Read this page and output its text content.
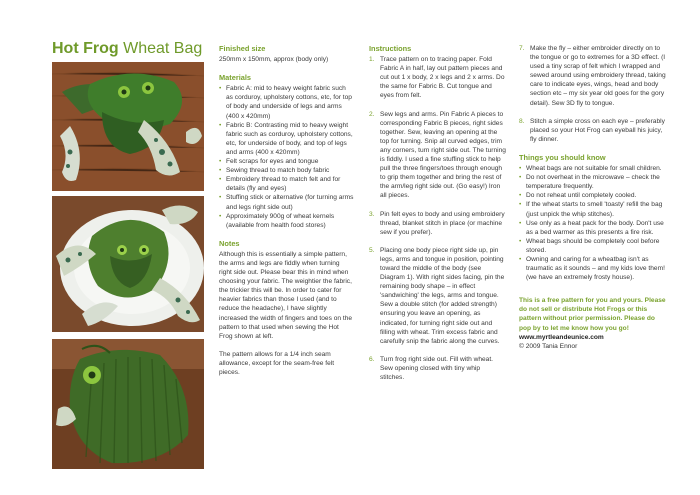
Hot Frog Wheat Bag Finished size

250mm x 150mm, approx (body only)

Materials
• Fabric A: mid to heavy weight fabric such as corduroy, upholstery cottons, etc, for top of body and underside of legs and arms (400 x 420mm)
• Fabric B: Contrasting mid to heavy weight fabric such as corduroy, upholstery cottons, etc, for underside of body, and top of legs and arms (400 x 420mm)
• Felt scraps for eyes and tongue
• Sewing thread to match body fabric
• Embroidery thread to match felt and for details (fly and eyes)
• Stuffing stick or alternative (for turning arms and legs right side out)
• Approximately 900g of wheat kernels (available from health food stores)
Notes

Although this is essentially a simple pattern, the arms and legs are fiddly when turning right side out. Please bear this in mind when choosing your fabric. The weightier the fabric, the trickier this will be. In order to cater for heavier fabrics than those I used (and to reduce the headache), I have slightly increased the width of fingers and toes on the pattern to that used when sewing the Hot Frog shown at left.

The pattern allows for a 1/4 inch seam allowance, except for the seam-free felt pieces.

Instructions
1. Trace pattern on to tracing paper. Fold Fabric A in half, lay out pattern pieces and cut out 1 x body, 2 x legs and 2 x arms. Do the same for Fabric B. Cut tongue and eyes from felt.
2. Sew legs and arms. Pin Fabric A pieces to corresponding Fabric B pieces, right sides together. Sew, leaving an opening at the top for turning. Snip all curved edges, trim any corners, turn right side out. The turning is fiddly. I used a fine stuffing stick to help pull the three fingers/toes through enough to grip them together and bring the rest of the arm/leg right side out. (Go easy!) Iron all pieces.
3. Pin felt eyes to body and using embroidery thread, blanket stitch in place (or machine sew if you prefer).
5. Placing one body piece right side up, pin legs, arms and tongue in position, pointing toward the middle of the body (see Diagram 1). With right sides facing, pin the remaining body shape – in effect 'sandwiching' the legs, arms and tongue. Sew a double stitch (for added strength) ensuring you leave an opening, as indicated, for turning right side out and filling with wheat. Trim excess fabric and carefully snip the fabric along the curves.
6. Turn frog right side out. Fill with wheat. Sew opening closed with tiny whip stitches.
7. Make the fly – either embroider directly on to the tongue or go to extremes for a 3D effect. (I used a tiny scrap of felt which I wrapped and sewed around using embroidery thread, taking care to indicate eyes, wings, head and body section etc – my six year old goes for the gory detail). Sew 3D fly to tongue.
8. Stitch a simple cross on each eye – preferably placed so your Hot Frog can eyeball his juicy, fly dinner.
Things you should know
• Wheat bags are not suitable for small children.
• Do not overheat in the microwave – check the temperature frequently.
• Do not reheat until completely cooled.
• If the wheat starts to smell 'toasty' refill the bag (just unpick the whip stitches).
• Use only as a heat pack for the body. Don't use as a bed warmer as this presents a fire risk.
• Wheat bags should be completely cool before stored.
• Owning and caring for a wheatbag isn't as traumatic as it sounds – and my kids love them! (we have an extremely frosty house).

This is a free pattern for you and yours. Please do not sell or distribute Hot Frogs or this pattern without prior permission. Please do pop by to let me know how you go!

www.myrtleandeunice.com
© 2009 Tania Ennor
